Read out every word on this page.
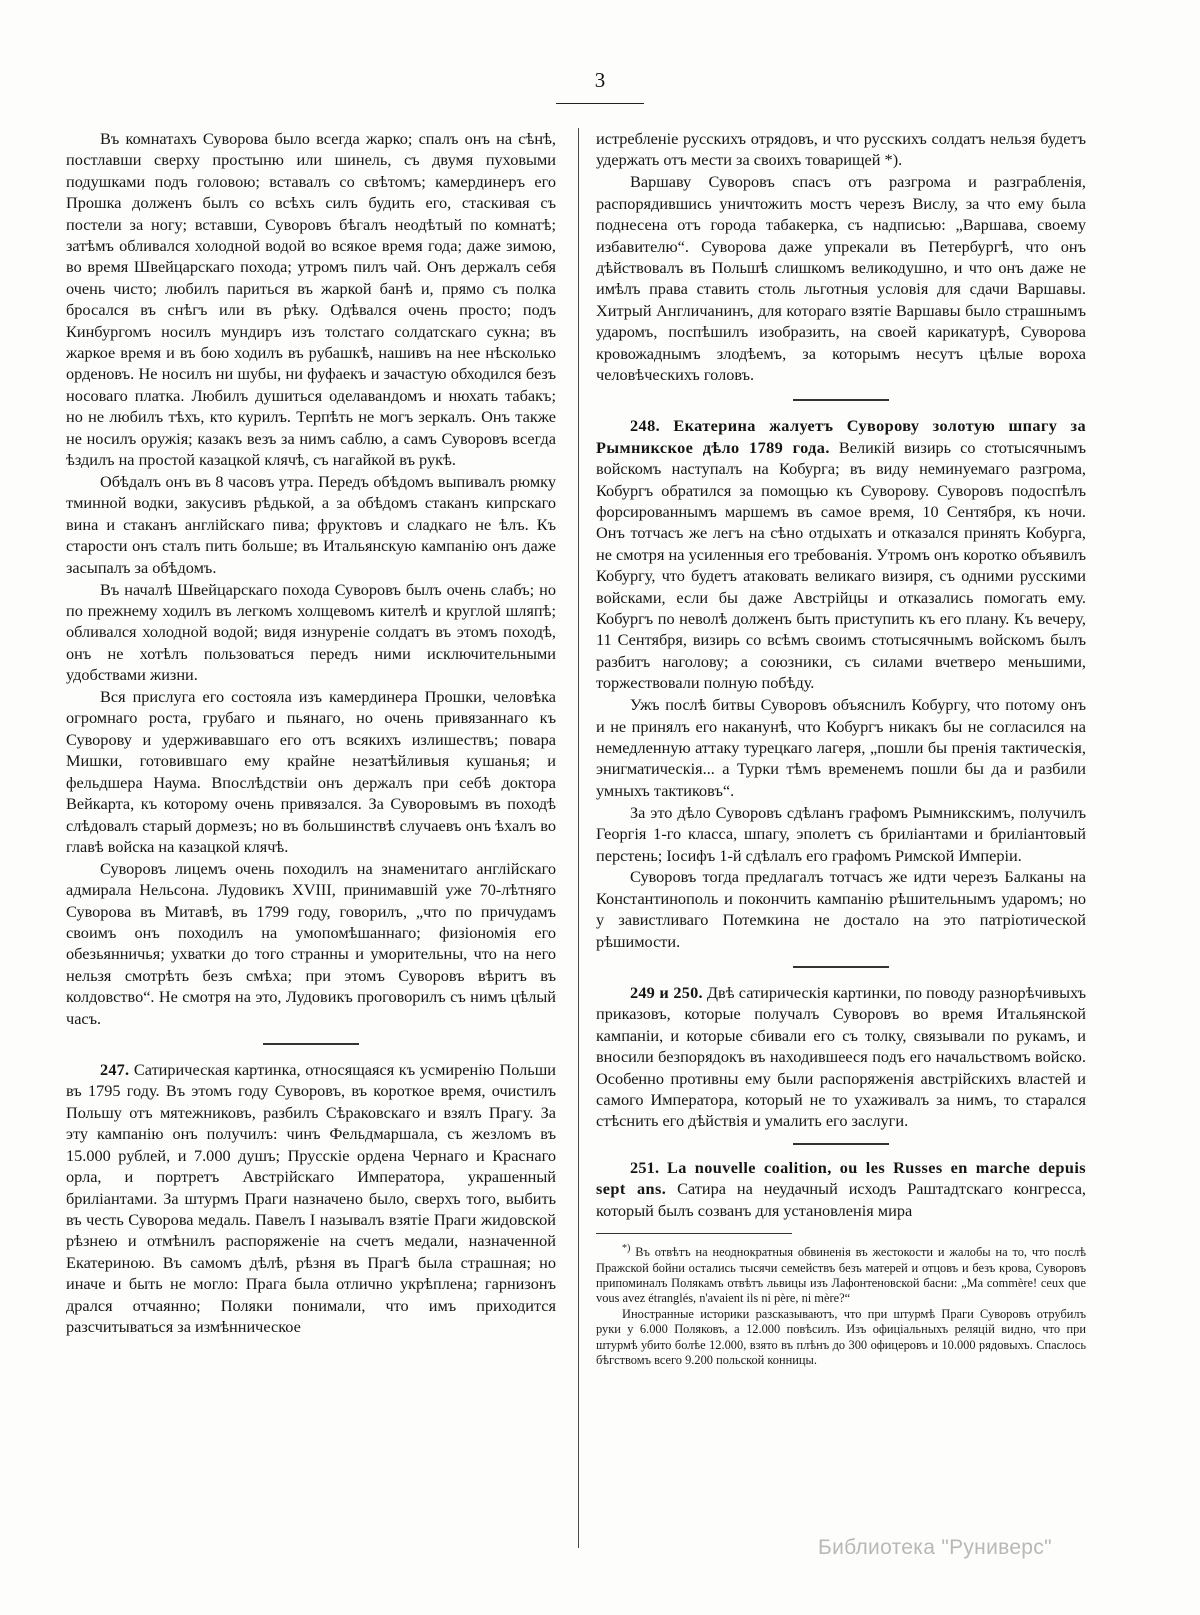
3

Въ комнатахъ Суворова было всегда жарко; спалъ онъ на сѣнѣ, постлавши сверху простыню или шинель, съ двумя пуховыми подушками подъ головою; вставалъ со свѣтомъ; камердинеръ его Прошка долженъ былъ со всѣхъ силъ будить его, стаскивая съ постели за ногу; вставши, Суворовъ бѣгалъ неодѣтый по комнатѣ; затѣмъ обливался холодной водой во всякое время года; даже зимою, во время Швейцарскаго похода; утромъ пилъ чай. Онъ держалъ себя очень чисто; любилъ париться въ жаркой банѣ и, прямо съ полка бросался въ снѣгъ или въ рѣку. Одѣвался очень просто; подъ Кинбургомъ носилъ мундиръ изъ толстаго солдатскаго сукна; въ жаркое время и въ бою ходилъ въ рубашкѣ, нашивъ на нее нѣсколько орденовъ. Не носилъ ни шубы, ни фуфаекъ и зачастую обходился безъ носоваго платка. Любилъ душиться оделавандомъ и нюхать табакъ; но не любилъ тѣхъ, кто курилъ. Терпѣть не могъ зеркалъ. Онъ также не носилъ оружія; казакъ везъ за нимъ саблю, а самъ Суворовъ всегда ѣздилъ на простой казацкой клячѣ, съ нагайкой въ рукѣ.

Обѣдалъ онъ въ 8 часовъ утра. Передъ обѣдомъ выпивалъ рюмку тминной водки, закусивъ рѣдькой, а за обѣдомъ стаканъ кипрскаго вина и стаканъ англійскаго пива; фруктовъ и сладкаго не ѣлъ. Къ старости онъ сталъ пить больше; въ Итальянскую кампанію онъ даже засыпалъ за обѣдомъ.

Въ началѣ Швейцарскаго похода Суворовъ былъ очень слабъ; но по прежнему ходилъ въ легкомъ холщевомъ кителѣ и круглой шляпѣ; обливался холодной водой; видя изнуреніе солдатъ въ этомъ походѣ, онъ не хотѣлъ пользоваться передъ ними исключительными удобствами жизни.

Вся прислуга его состояла изъ камердинера Прошки, человѣка огромнаго роста, грубаго и пьянаго, но очень привязаннаго къ Суворову и удерживавшаго его отъ всякихъ излишествъ; повара Мишки, готовившаго ему крайне незатѣйливыя кушанья; и фельдшера Наума. Впослѣдствіи онъ держалъ при себѣ доктора Вейкарта, къ которому очень привязался. За Суворовымъ въ походѣ слѣдовалъ старый дормезъ; но въ большинствѣ случаевъ онъ ѣхалъ во главѣ войска на казацкой клячѣ.

Суворовъ лицемъ очень походилъ на знаменитаго англійскаго адмирала Нельсона. Лудовикъ XVIII, принимавшій уже 70-лѣтняго Суворова въ Митавѣ, въ 1799 году, говорилъ, „что по причудамъ своимъ онъ походилъ на умопомѣшаннаго; физіономія его обезьянничья; ухватки до того странны и уморительны, что на него нельзя смотрѣть безъ смѣха; при этомъ Суворовъ вѣритъ въ колдовство“. Не смотря на это, Лудовикъ проговорилъ съ нимъ цѣлый часъ.

247. Сатирическая картинка, относящаяся къ усмиренію Польши въ 1795 году. Въ этомъ году Суворовъ, въ короткое время, очистилъ Польшу отъ мятежниковъ, разбилъ Сѣраковскаго и взялъ Прагу. За эту кампанію онъ получилъ: чинъ Фельдмаршала, съ жезломъ въ 15.000 рублей, и 7.000 душъ; Прусскіе ордена Чернаго и Краснаго орла, и портретъ Австрійскаго Императора, украшенный бриліантами. За штурмъ Праги назначено было, сверхъ того, выбить въ честь Суворова медаль. Павелъ I называлъ взятіе Праги жидовской рѣзнею и отмѣнилъ распоряженіе на счетъ медали, назначенной Екатериною. Въ самомъ дѣлѣ, рѣзня въ Прагѣ была страшная; но иначе и быть не могло: Прага была отлично укрѣплена; гарнизонъ дрался отчаянно; Поляки понимали, что имъ приходится разсчитываться за измѣнническое

истребленіе русскихъ отрядовъ, и что русскихъ солдатъ нельзя будетъ удержать отъ мести за своихъ товарищей *).

Варшаву Суворовъ спасъ отъ разгрома и разграбленія, распорядившись уничтожить мостъ черезъ Вислу, за что ему была поднесена отъ города табакерка, съ надписью: „Варшава, своему избавителю“. Суворова даже упрекали въ Петербургѣ, что онъ дѣйствовалъ въ Польшѣ слишкомъ великодушно, и что онъ даже не имѣлъ права ставить столь льготныя условія для сдачи Варшавы. Хитрый Англичанинъ, для котораго взятіе Варшавы было страшнымъ ударомъ, поспѣшилъ изобразить, на своей карикатурѣ, Суворова кровожаднымъ злодѣемъ, за которымъ несутъ цѣлые вороха человѣческихъ головъ.

248. Екатерина жалуетъ Суворову золотую шпагу за Рымникское дѣло 1789 года. Великій визирь со стотысячнымъ войскомъ наступалъ на Кобурга; въ виду неминуемаго разгрома, Кобургъ обратился за помощью къ Суворову. Суворовъ подоспѣлъ форсированнымъ маршемъ въ самое время, 10 Сентября, къ ночи. Онъ тотчасъ же легъ на сѣно отдыхать и отказался принять Кобурга, не смотря на усиленныя его требованія. Утромъ онъ коротко объявилъ Кобургу, что будетъ атаковать великаго визиря, съ одними русскими войсками, если бы даже Австрійцы и отказались помогать ему. Кобургъ по неволѣ долженъ быть приступить къ его плану. Къ вечеру, 11 Сентября, визирь со всѣмъ своимъ стотысячнымъ войскомъ былъ разбитъ наголову; а союзники, съ силами вчетверо меньшими, торжествовали полную побѣду.

Ужъ послѣ битвы Суворовъ объяснилъ Кобургу, что потому онъ и не принялъ его наканунѣ, что Кобургъ никакъ бы не согласился на немедленную аттаку турецкаго лагеря, „пошли бы пренія тактическія, энигматическія... а Турки тѣмъ временемъ пошли бы да и разбили умныхъ тактиковъ“.

За это дѣло Суворовъ сдѣланъ графомъ Рымникскимъ, получилъ Георгія 1-го класса, шпагу, эполетъ съ бриліантами и бриліантовый перстень; Іосифъ 1-й сдѣлалъ его графомъ Римской Имперіи.

Суворовъ тогда предлагалъ тотчасъ же идти черезъ Балканы на Константинополь и покончить кампанію рѣшительнымъ ударомъ; но у завистливаго Потемкина не достало на это патріотической рѣшимости.

249 и 250. Двѣ сатирическія картинки, по поводу разнорѣчивыхъ приказовъ, которые получалъ Суворовъ во время Итальянской кампаніи, и которые сбивали его съ толку, связывали по рукамъ, и вносили безпорядокъ въ находившееся подъ его начальствомъ войско. Особенно противны ему были распоряженія австрійскихъ властей и самого Императора, который не то ухаживалъ за нимъ, то старался стѣснить его дѣйствія и умалить его заслуги.

251. La nouvelle coalition, ou les Russes en marche depuis sept ans. Сатира на неудачный исходъ Раштадтскаго конгресса, который былъ созванъ для установленія мира

*) Въ отвѣтъ на неоднократныя обвиненія въ жестокости и жалобы на то, что послѣ Пражской бойни остались тысячи семействъ безъ матерей и отцовъ и безъ крова, Суворовъ припоминалъ Полякамъ отвѣтъ львицы изъ Лафонтеновской басни: „Ma commère! ceux que vous avez étranglés, n'avaient ils ni père, ni mère?“

Иностранные историки разсказываютъ, что при штурмѣ Праги Суворовъ отрубилъ руки у 6.000 Поляковъ, а 12.000 повѣсилъ. Изъ офиціальныхъ реляцій видно, что при штурмѣ убито болѣе 12.000, взято въ плѣнъ до 300 офицеровъ и 10.000 рядовыхъ. Спаслось бѣгствомъ всего 9.200 польской конницы.

Библиотека "Руниверс"
